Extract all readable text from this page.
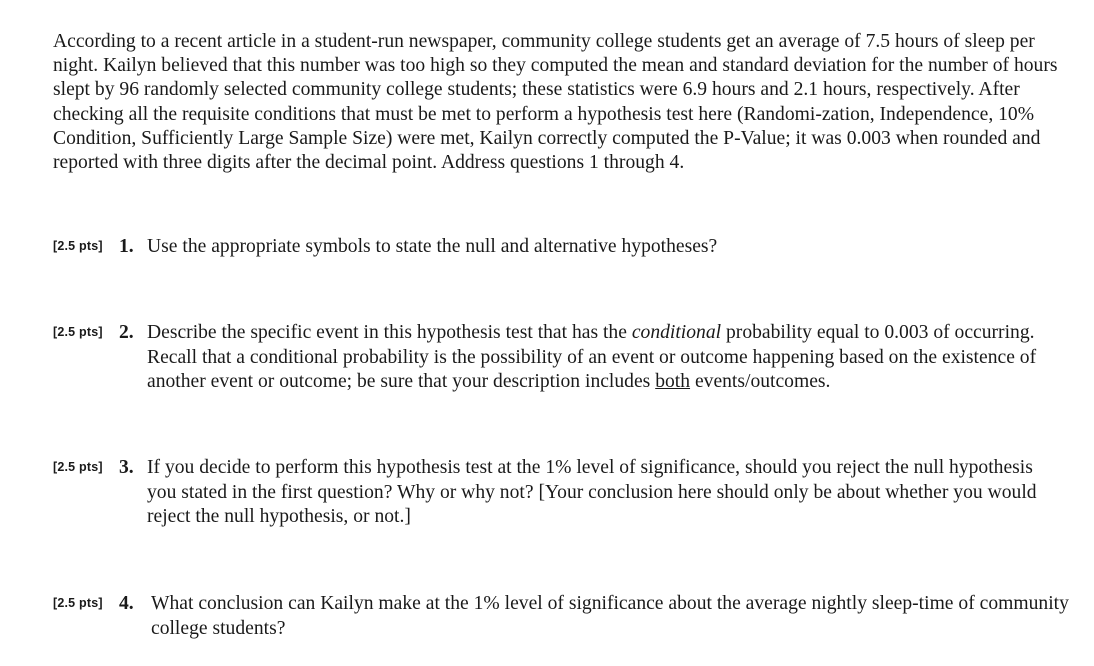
According to a recent article in a student-run newspaper, community college students get an average of 7.5 hours of sleep per night. Kailyn believed that this number was too high so they computed the mean and standard deviation for the number of hours slept by 96 randomly selected community college students; these statistics were 6.9 hours and 2.1 hours, respectively. After checking all the requisite conditions that must be met to perform a hypothesis test here (Randomi-zation, Independence, 10% Condition, Sufficiently Large Sample Size) were met, Kailyn correctly computed the P-Value; it was 0.003 when rounded and reported with three digits after the decimal point. Address questions 1 through 4.

[2.5 pts] 1. Use the appropriate symbols to state the null and alternative hypotheses?

[2.5 pts] 2. Describe the specific event in this hypothesis test that has the conditional probability equal to 0.003 of occurring. Recall that a conditional probability is the possibility of an event or outcome happening based on the existence of another event or outcome; be sure that your description includes both events/outcomes.

[2.5 pts] 3. If you decide to perform this hypothesis test at the 1% level of significance, should you reject the null hypothesis you stated in the first question? Why or why not? [Your conclusion here should only be about whether you would reject the null hypothesis, or not.]

[2.5 pts] 4. What conclusion can Kailyn make at the 1% level of significance about the average nightly sleep-time of community college students?
